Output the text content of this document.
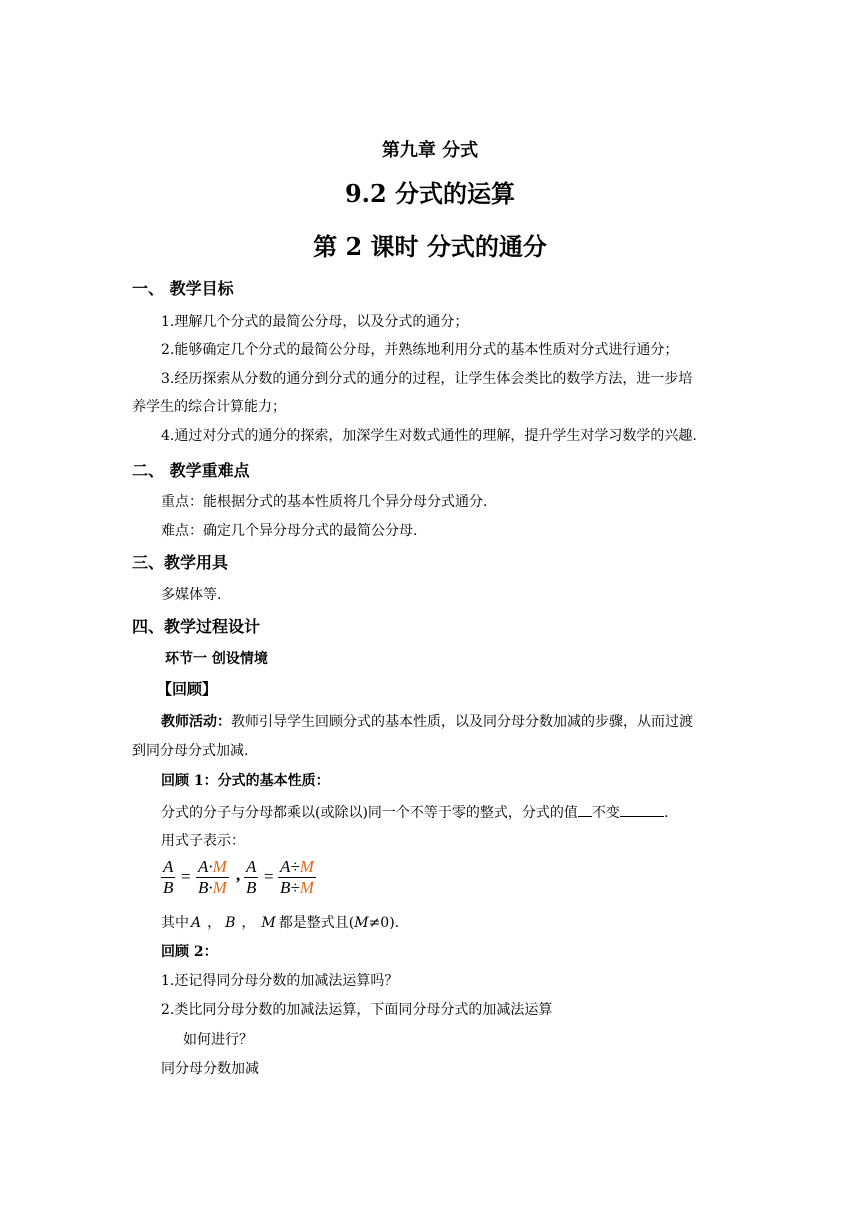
第九章 分式
9.2 分式的运算
第 2 课时 分式的通分
一、 教学目标
1.理解几个分式的最简公分母，以及分式的通分；
2.能够确定几个分式的最简公分母，并熟练地利用分式的基本性质对分式进行通分；
3.经历探索从分数的通分到分式的通分的过程，让学生体会类比的数学方法，进一步培
养学生的综合计算能力；
4.通过对分式的通分的探索，加深学生对数式通性的理解，提升学生对学习数学的兴趣.
二、 教学重难点
重点：能根据分式的基本性质将几个异分母分式通分.
难点：确定几个异分母分式的最简公分母.
三、教学用具
多媒体等.
四、教学过程设计
环节一 创设情境
【回顾】
教师活动：教师引导学生回顾分式的基本性质，以及同分母分数加减的步骤，从而过渡
到同分母分式加减.
回顾 1：分式的基本性质：
分式的分子与分母都乘以(或除以)同一个不等于零的整式，分式的值 不变	.
用式子表示：
$\frac{A}{B} = \frac{A\cdot M}{B\cdot M}$ , $\frac{A}{B} = \frac{A\div M}{B\div M}$
其中 A ， B ， M 都是整式且(M≠0).
回顾 2：
1.还记得同分母分数的加减法运算吗？
2.类比同分母分数的加减法运算，下面同分母分式的加减法运算
如何进行？
同分母分数加减
